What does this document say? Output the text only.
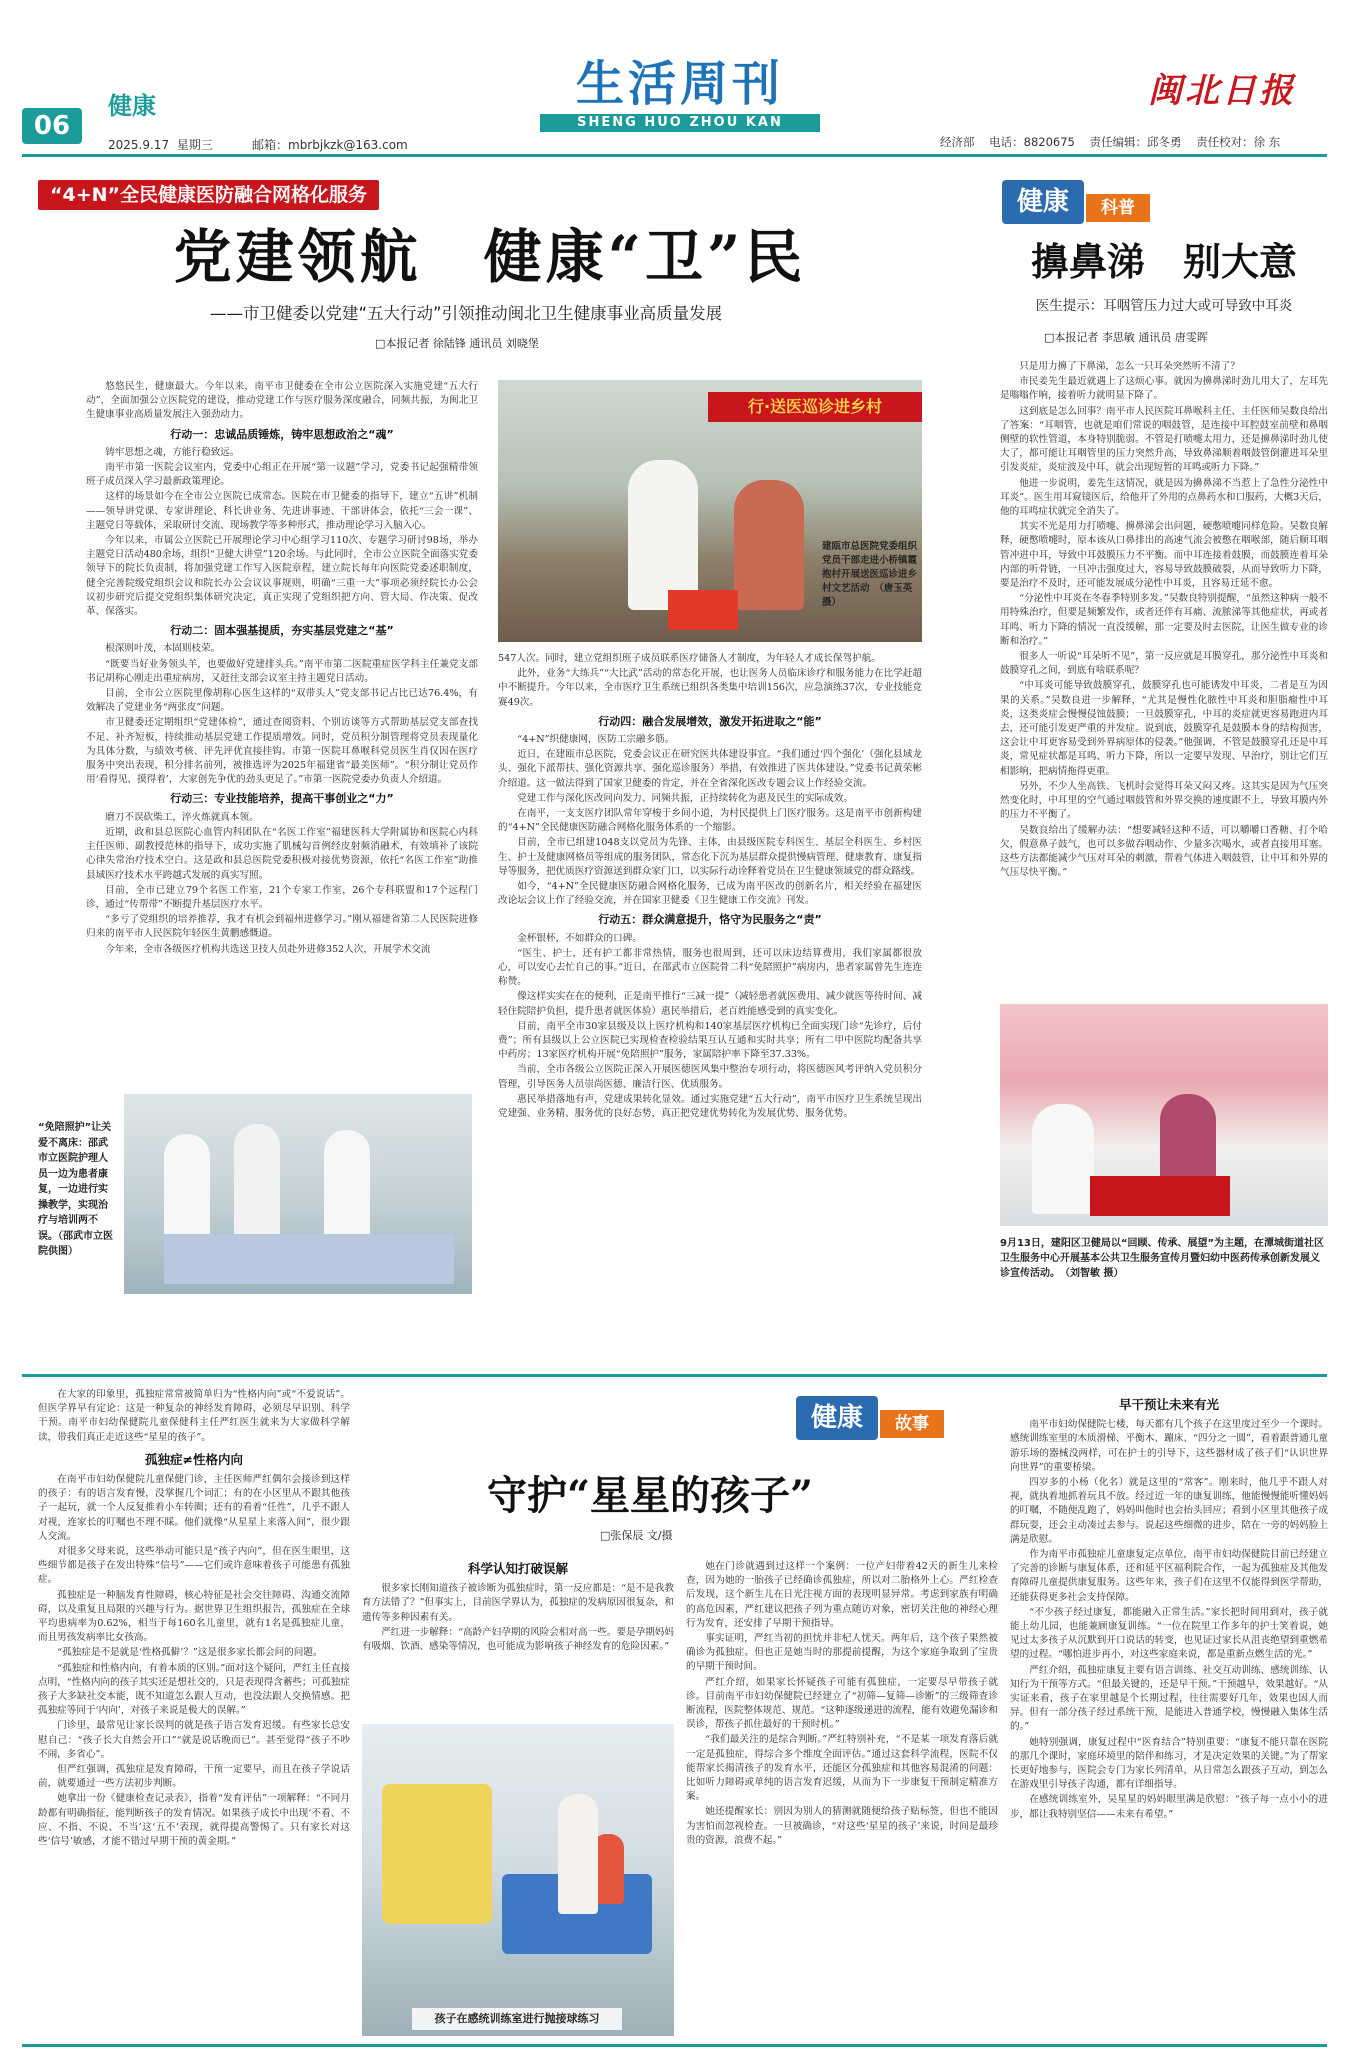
06
健康
2025.9.17 星期三	邮箱：mbrbjkzk@163.com
生活周刊
SHENG HUO ZHOU KAN
闽北日报
经济部 电话：8820675 责任编辑：邱冬勇 责任校对：徐 东
“4+N”全民健康医防融合网格化服务
党建领航　健康“卫”民
——市卫健委以党建“五大行动”引领推动闽北卫生健康事业高质量发展
□本报记者 徐陆锋 通讯员 刘晓堡

悠悠民生，健康最大。今年以来，南平市卫健委在全市公立医院深入实施党建“五大行动”，全面加强公立医院党的建设，推动党建工作与医疗服务深度融合，同频共振，为闽北卫生健康事业高质量发展注入强劲动力。

行动一：忠诚品质锤炼，铸牢思想政治之“魂”

铸牢思想之魂，方能行稳致远。

南平市第一医院会议室内，党委中心组正在开展“第一议题”学习，党委书记起强精带领班子成员深入学习最新政策理论。

这样的场景如今在全市公立医院已成常态。医院在市卫健委的指导下，建立“五讲”机制——领导讲党课、专家讲理论、科长讲业务、先进讲事迹、干部讲体会，依托“三会一课”、主题党日等载体，采取研讨交流、现场教学等多种形式，推动理论学习入脑入心。

今年以来，市属公立医院已开展理论学习中心组学习110次、专题学习研讨98场，举办主题党日活动480余场，组织“卫健大讲堂”120余场。与此同时，全市公立医院全面落实党委领导下的院长负责制，将加强党建工作写入医院章程，建立院长每年向医院党委述职制度，健全完善院级党组织会议和院长办公会议议事规则，明确“三重一大”事项必须经院长办公会议初步研究后提交党组织集体研究决定，真正实现了党组织把方向、管大局、作决策、促改革、保落实。

行动二：固本强基提质，夯实基层党建之“基”

根深则叶茂，本固则枝荣。

“既要当好业务领头羊，也要做好党建排头兵。”南平市第二医院重症医学科主任兼党支部书记胡称心刚走出重症病房，又赶往支部会议室主持主题党日活动。

目前，全市公立医院里像胡称心医生这样的“双带头人”党支部书记占比已达76.4%，有效解决了党建业务“两张皮”问题。

市卫健委还定期组织“党建体检”，通过查阅资料、个别访谈等方式帮助基层党支部查找不足、补齐短板，持续推动基层党建工作提质增效。同时，党员积分制管理将党员表现量化为具体分数，与绩效考核、评先评优直接挂钩。市第一医院耳鼻喉科党员医生肖仅因在医疗服务中突出表现，积分排名前列，被推选评为2025年福建省“最美医师”。“积分制让党员作用‘看得见、摸得着’，大家创先争优的劲头更足了。”市第一医院党委办负责人介绍道。

行动三：专业技能培养，提高干事创业之“力”

磨刀不误砍柴工，淬火炼就真本领。

近期，政和县总医院心血管内科团队在“名医工作室”福建医科大学附属协和医院心内科主任医师、副教授范林的指导下，成功实施了肌械勾首例经皮射频消融术，有效填补了该院心律失常治疗技术空白。这是政和县总医院党委积极对接优势资源，依托“名医工作室”助推县域医疗技术水平跨越式发展的真实写照。

目前，全市已建立79个名医工作室，21个专家工作室，26个专科联盟和17个远程门诊，通过“传帮带”不断提升基层医疗水平。

“多亏了党组织的培养推荐，我才有机会到福州进修学习。”刚从福建省第二人民医院进修归来的南平市人民医院年轻医生黄鹏感慨道。

今年来，全市各级医疗机构共选送卫技人员赴外进修352人次，开展学术交流

行·送医巡诊进乡村
建瓯市总医院党委组织党员干部走进小桥镇霞抱村开展送医巡诊进乡村文艺活动　（唐玉英摄）

547人次。同时，建立党组织班子成员联系医疗储备人才制度，为年轻人才成长保驾护航。

此外，业务“大练兵”“大比武”活动的常态化开展，也让医务人员临床诊疗和服务能力在比学赶超中不断提升。今年以来，全市医疗卫生系统已组织各类集中培训156次，应急演练37次，专业技能竞赛49次。

行动四：融合发展增效，激发开拓进取之“能”

“4+N”织健康网，医防工宗融多筋。

近日，在建瓯市总医院，党委会议正在研究医共体建设事宜。“我们通过‘四个强化’（强化县域龙头、强化下派帮扶、强化资源共享、强化巡诊服务）举措，有效推进了医共体建设。”党委书记黄荣彬介绍道。这一做法得到了国家卫健委的肯定，并在全省深化医改专题会议上作经验交流。

党建工作与深化医改同向发力、同频共振，正持续转化为惠及民生的实际成效。

在南平，一支支医疗团队常年穿梭于乡间小道，为村民提供上门医疗服务。这是南平市创新构建的“4+N”全民健康医防融合网格化服务体系的一个缩影。

目前，全市已组建1048支以党员为先锋、主体，由县级医院专科医生、基层全科医生、乡村医生、护士及健康网格员等组成的服务团队，常态化下沉为基层群众提供慢病管理、健康教育、康复指导等服务，把优质医疗资源送到群众家门口，以实际行动诠释着党员在卫生健康领域党的群众路线。

如今，“4+N”全民健康医防融合网格化服务，已成为南平医改的创新名片，相关经验在福建医改论坛会议上作了经验交流，并在国家卫健委《卫生健康工作交流》刊发。

行动五：群众满意提升，恪守为民服务之“责”

金杯银杯，不如群众的口碑。

“医生、护士，还有护工都非常热情，服务也很周到，还可以床边结算费用，我们家属都很放心，可以安心去忙自己的事。”近日，在邵武市立医院骨二科“免陪照护”病房内，患者家属曾先生连连称赞。

像这样实实在在的便利，正是南平推行“三减一提”（减轻患者就医费用、减少就医等待时间、减轻住院陪护负担，提升患者就医体验）惠民举措后，老百姓能感受到的真实变化。

目前，南平全市30家县级及以上医疗机构和140家基层医疗机构已全面实现门诊“先诊疗，后付费”；所有县级以上公立医院已实现检查检验结果互认互通和实时共享；所有二甲中医院均配备共享中药房；13家医疗机构开展“免陪照护”服务，家属陪护率下降至37.33%。

当前，全市各级公立医院正深入开展医德医风集中整治专项行动，将医德医风考评纳入党员积分管理，引导医务人员崇尚医德、廉洁行医、优质服务。

惠民举措落地有声，党建成果转化显效。通过实施党建“五大行动”，南平市医疗卫生系统呈现出党建强、业务精、服务优的良好态势，真正把党建优势转化为发展优势、服务优势。

“免陪照护”让关爱不离床：邵武市立医院护理人员一边为患者康复，一边进行实操教学，实现治疗与培训两不误。（邵武市立医院供图）
健康	科普
擤鼻涕　别大意
医生提示：耳咽管压力过大或可导致中耳炎
□本报记者 李思敏 通讯员 唐雯晖

只是用力擤了下鼻涕，怎么一只耳朵突然听不清了？

市民姜先生最近就遇上了这烦心事。就因为擤鼻涕时劲儿用大了，左耳先是嗡嗡作响，接着听力就明显下降了。

这到底是怎么回事？南平市人民医院耳鼻喉科主任、主任医师吴数良给出了答案：“耳咽管，也就是咱们常说的咽鼓管，是连接中耳腔鼓室前壁和鼻咽侧壁的软性管道，本身特别脆弱。不管是打喷嚏太用力，还是擤鼻涕时劲儿使大了，都可能让耳咽管里的压力突然升高，导致鼻涕顺着咽鼓管倒灌进耳朵里引发炎症，炎症波及中耳，就会出现短暂的耳鸣或听力下降。”

他进一步说明，姜先生这情况，就是因为擤鼻涕不当惹上了急性分泌性中耳炎”。医生用耳窥镜医后，给他开了外用的点鼻药水和口服药，大概3天后，他的耳鸣症状就完全消失了。

其实不光是用力打喷嚏、擤鼻涕会出问题，硬憋喷嚏同样危险。吴数良解释，硬憋喷嚏时，原本该从口鼻排出的高速气流会被憋在咽喉部，随后顺耳咽管冲进中耳，导致中耳鼓膜压力不平衡。而中耳连接着鼓膜，而鼓膜连着耳朵内部的听骨链，一旦冲击强度过大，容易导致鼓膜破裂，从而导致听力下降，要是治疗不及时，还可能发展成分泌性中耳炎，且容易迁延不愈。

“分泌性中耳炎在冬春季特别多发。”吴数良特别提醒，“虽然这种病一般不用特殊治疗，但要是频繁发作，或者还伴有耳痛、流脓涕等其他症状，再或者耳鸣、听力下降的情况一直没缓解，那一定要及时去医院，让医生做专业的诊断和治疗。”

很多人一听说“耳朵听不见”，第一反应就是耳膜穿孔，那分泌性中耳炎和鼓膜穿孔之间，到底有啥联系呢？

“中耳炎可能导致鼓膜穿孔，鼓膜穿孔也可能诱发中耳炎，二者是互为因果的关系。”吴数良进一步解释，“尤其是慢性化脓性中耳炎和胆脂瘤性中耳炎，这类炎症会慢慢侵蚀鼓膜；一旦鼓膜穿孔，中耳的炎症就更容易跑进内耳去，还可能引发更严重的并发症。说到底，鼓膜穿孔是鼓膜本身的结构损害，这会让中耳更容易受到外界病原体的侵袭。”他强调，不管是鼓膜穿孔还是中耳炎，常见症状都是耳鸣、听力下降，所以一定要早发现、早治疗，别让它们互相影响，把病情拖得更重。

另外，不少人坐高铁、飞机时会觉得耳朵又闷又疼。这其实是因为气压突然变化时，中耳里的空气通过咽鼓管和外界交换的速度跟不上，导致耳膜内外的压力不平衡了。

吴数良给出了缓解办法：“想要减轻这种不适，可以嚼嚼口香糖、打个哈欠，假意鼻子鼓气，也可以多做吞咽动作、少量多次喝水，或者直接用耳塞。这些方法都能减少气压对耳朵的刺激，帮着气体进入咽鼓管，让中耳和外界的气压尽快平衡。”

9月13日，建阳区卫健局以“回顾、传承、展望”为主题，在潭城街道社区卫生服务中心开展基本公共卫生服务宣传月暨妇幼中医药传承创新发展义诊宣传活动。　（刘智敏 摄）

在大家的印象里，孤独症常常被简单归为“性格内向”或“不爱说话”。但医学界早有定论：这是一种复杂的神经发育障碍，必须尽早识别、科学干预。南平市妇幼保健院儿童保健科主任严红医生就来为大家做科学解读，带我们真正走近这些“星星的孩子”。

孤独症≠性格内向

在南平市妇幼保健院儿童保健门诊，主任医师严红偶尔会接诊到这样的孩子：有的语言发育慢，没掌握几个词汇；有的在小区里从不跟其他孩子一起玩，就一个人反复推着小车转圈；还有的看着“任性”，几乎不跟人对视，连家长的叮嘱也不理不睬。他们就像“从星星上来落入间”，很少跟人交流。

对很多父母来说，这些举动可能只是“孩子内向”，但在医生眼里，这些细节都是孩子在发出特殊“信号”——它们或许意味着孩子可能患有孤独症。

孤独症是一种脑发育性障碍，核心特征是社会交往障碍、沟通交流障碍，以及重复且局限的兴趣与行为。据世界卫生组织报告，孤独症在全球平均患病率为0.62%，相当于每160名儿童里，就有1名是孤独症儿童，而且男孩发病率比女孩高。

“孤独症是不是就是‘性格孤僻’？”这是很多家长都会问的问题。

“孤独症和性格内向，有着本质的区别。”面对这个疑问，严红主任直接点明，“性格内向的孩子其实还是想社交的，只是表现得含蓄些；可孤独症孩子大多缺社交本能，既不知道怎么跟人互动，也没法跟人交换情感。把孤独症等同于‘内向’，对孩子来说是极大的误解。”

门诊里，最常见让家长误判的就是孩子语言发育迟缓。有些家长总安慰自己：“孩子长大自然会开口”“就是说话晚而已”。甚至觉得“孩子不吵不闹，多省心”。

但严红强调，孤独症是发育障碍，干预一定要早，而且在孩子学说话前，就要通过一些方法初步判断。

她拿出一份《健康检查记录表》，指着“发育评估”一项解释：“不同月龄都有明确指征，能判断孩子的发育情况。如果孩子成长中出现‘不看、不应、不指、不说、不当’这‘五不’表现，就得提高警惕了。只有家长对这些‘信号’敏感，才能不错过早期干预的黄金期。”

健康	故事
守护“星星的孩子”
□张保辰 文/摄
科学认知打破误解

很多家长刚知道孩子被诊断为孤独症时，第一反应都是：“是不是我教育方法错了？”但事实上，目前医学界认为，孤独症的发病原因很复杂，和遗传等多种因素有关。

严红进一步解释：“高龄产妇孕期的风险会相对高一些。要是孕期妈妈有吸烟、饮酒、感染等情况，也可能成为影响孩子神经发育的危险因素。”

孩子在感统训练室进行抛接球练习

她在门诊就遇到过这样一个案例：一位产妇带着42天的新生儿来检查，因为她的一胎孩子已经确诊孤独症，所以对二胎格外上心。严红检查后发现，这个新生儿在日光注视方面的表现明显异常。考虑到家族有明确的高危因素，严红建议把孩子列为重点随访对象，密切关注他的神经心理行为发育，还安排了早期干预指导。

事实证明，严红当初的担忧并非杞人忧天。两年后，这个孩子果然被确诊为孤独症。但也正是她当时的那提前提醒，为这个家庭争取到了宝贵的早期干预时间。

严红介绍，如果家长怀疑孩子可能有孤独症，一定要尽早带孩子就诊。目前南平市妇幼保健院已经建立了“初筛—复筛—诊断”的三级筛查诊断流程，医院整体规范、规范。“这种逐级递进的流程，能有效避免漏诊和误诊，帮孩子抓住最好的干预时机。”

“我们最关注的是综合判断。”严红特别补充，“不是某一项发育落后就一定是孤独症，得综合多个维度全面评估。”通过这套科学流程，医院不仅能帮家长揭清孩子的发育水平，还能区分孤独症和其他容易混淆的问题：比如听力障碍或单纯的语言发育迟缓，从而为下一步康复干预制定精准方案。

她还提醒家长：别因为别人的猜测就随便给孩子贴标签，但也不能因为害怕而忽视检查。一旦被确诊，“对这些‘星星的孩子’来说，时间是最珍贵的资源，浪费不起。”

早干预让未来有光

南平市妇幼保健院七楼，每天都有几个孩子在这里度过至少一个课时。感统训练室里的木质滑梯、平衡木、蹦床、“四分之一圆”，看着跟普通儿童游乐场的器械没两样，可在护士的引导下，这些器材成了孩子们“认识世界向世界”的重要桥梁。

四岁多的小杨（化名）就是这里的“常客”。刚来时，他几乎不跟人对视，就执着地抓着玩具不放。经过近一年的康复训练，他能慢慢能听懂妈妈的叮嘱，不随便乱跑了，妈妈叫他时也会抬头回应；看到小区里其他孩子成群玩耍，还会主动凑过去参与。说起这些细微的进步，陪在一旁的妈妈脸上满是欣慰。

作为南平市孤独症儿童康复定点单位，南平市妇幼保健院目前已经建立了完善的诊断与康复体系，还和延平区福利院合作，一起为孤独症及其他发育障碍儿童提供康复服务。这些年来，孩子们在这里不仅能得到医学帮助，还能获得更多社会支持保障。

“不少孩子经过康复，都能融入正常生活。”家长把时间用到对，孩子就能上幼儿园，也能兼顾康复训练。“一位在院里工作多年的护士笑着说，她见过太多孩子从沉默到开口说话的转变，也见证过家长从沮丧绝望到重燃希望的过程。“哪怕进步再小，对这些家庭来说，都是重新点燃生活的光。”

严红介绍，孤独症康复主要有语言训练、社交互动训练、感统训练、认知行为干预等方式。“但最关键的，还是早干预。”干预越早，效果越好。“从实证来看，孩子在家里越是个长期过程，往往需要好几年，效果也因人而异。但有一部分孩子经过系统干预，是能进入普通学校，慢慢融入集体生活的。”

她特别强调，康复过程中“医育结合”特别重要：“康复不能只靠在医院的那几个课时，家庭环境里的陪伴和练习，才是决定效果的关键。”为了帮家长更好地参与，医院会专门为家长列清单，从日常怎么跟孩子互动，到怎么在游戏里引导孩子沟通，都有详细指导。

在感统训练室外，吴星星的妈妈眼里满是欣慰：“孩子每一点小小的进步，都让我特别坚信——未来有希望。”
